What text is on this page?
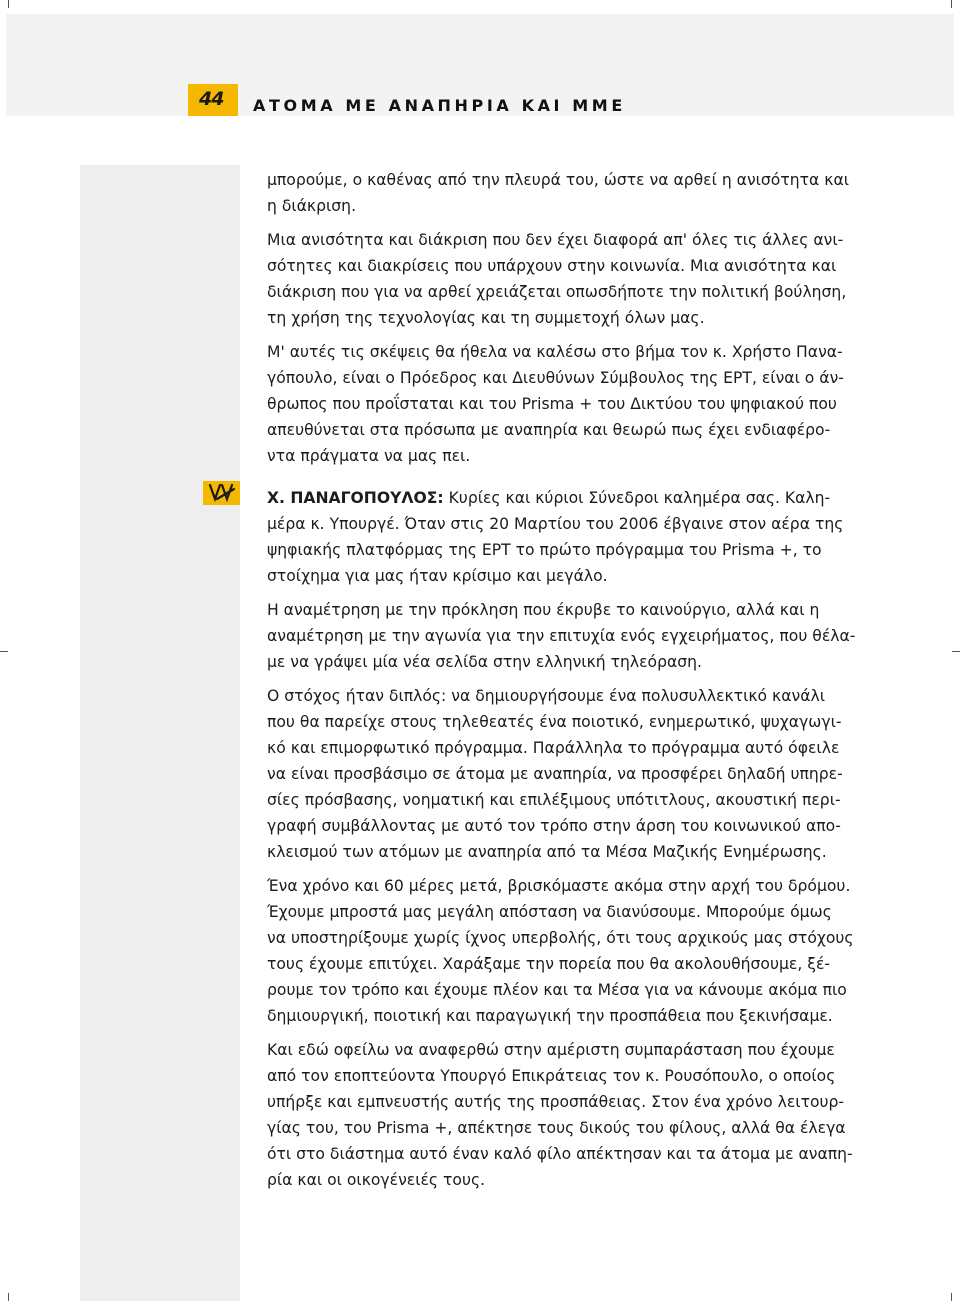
44 ΑΤΟΜΑ ΜΕ ΑΝΑΠΗΡΙΑ ΚΑΙ ΜΜΕ
μπορούμε, ο καθένας από την πλευρά του, ώστε να αρθεί η ανισότητα και
η διάκριση.
Μια ανισότητα και διάκριση που δεν έχει διαφορά απ' όλες τις άλλες ανι-
σότητες και διακρίσεις που υπάρχουν στην κοινωνία. Μια ανισότητα και
διάκριση που για να αρθεί χρειάζεται οπωσδήποτε την πολιτική βούληση,
τη χρήση της τεχνολογίας και τη συμμετοχή όλων μας.
Μ' αυτές τις σκέψεις θα ήθελα να καλέσω στο βήμα τον κ. Χρήστο Πανα-
γόπουλο, είναι ο Πρόεδρος και Διευθύνων Σύμβουλος της ΕΡΤ, είναι ο άν-
θρωπος που προΐσταται και του Prisma + του Δικτύου του ψηφιακού που
απευθύνεται στα πρόσωπα με αναπηρία και θεωρώ πως έχει ενδιαφέρο-
ντα πράγματα να μας πει.
Χ. ΠΑΝΑΓΟΠΟΥΛΟΣ: Κυρίες και κύριοι Σύνεδροι καλημέρα σας. Καλη-
μέρα κ. Υπουργέ. Όταν στις 20 Μαρτίου του 2006 έβγαινε στον αέρα της
ψηφιακής πλατφόρμας της ΕΡΤ το πρώτο πρόγραμμα του Prisma +, το
στοίχημα για μας ήταν κρίσιμο και μεγάλο.
Η αναμέτρηση με την πρόκληση που έκρυβε το καινούργιο, αλλά και η
αναμέτρηση με την αγωνία για την επιτυχία ενός εγχειρήματος, που θέλα-
με να γράψει μία νέα σελίδα στην ελληνική τηλεόραση.
Ο στόχος ήταν διπλός: να δημιουργήσουμε ένα πολυσυλλεκτικό κανάλι
που θα παρείχε στους τηλεθεατές ένα ποιοτικό, ενημερωτικό, ψυχαγωγι-
κό και επιμορφωτικό πρόγραμμα. Παράλληλα το πρόγραμμα αυτό όφειλε
να είναι προσβάσιμο σε άτομα με αναπηρία, να προσφέρει δηλαδή υπηρε-
σίες πρόσβασης, νοηματική και επιλέξιμους υπότιτλους, ακουστική περι-
γραφή συμβάλλοντας με αυτό τον τρόπο στην άρση του κοινωνικού απο-
κλεισμού των ατόμων με αναπηρία από τα Μέσα Μαζικής Ενημέρωσης.
Ένα χρόνο και 60 μέρες μετά, βρισκόμαστε ακόμα στην αρχή του δρόμου.
Έχουμε μπροστά μας μεγάλη απόσταση να διανύσουμε. Μπορούμε όμως
να υποστηρίξουμε χωρίς ίχνος υπερβολής, ότι τους αρχικούς μας στόχους
τους έχουμε επιτύχει. Χαράξαμε την πορεία που θα ακολουθήσουμε, ξέ-
ρουμε τον τρόπο και έχουμε πλέον και τα Μέσα για να κάνουμε ακόμα πιο
δημιουργική, ποιοτική και παραγωγική την προσπάθεια που ξεκινήσαμε.
Και εδώ οφείλω να αναφερθώ στην αμέριστη συμπαράσταση που έχουμε
από τον εποπτεύοντα Υπουργό Επικράτειας τον κ. Ρουσόπουλο, ο οποίος
υπήρξε και εμπνευστής αυτής της προσπάθειας. Στον ένα χρόνο λειτουρ-
γίας του, του Prisma +, απέκτησε τους δικούς του φίλους, αλλά θα έλεγα
ότι στο διάστημα αυτό έναν καλό φίλο απέκτησαν και τα άτομα με αναπη-
ρία και οι οικογένειές τους.
